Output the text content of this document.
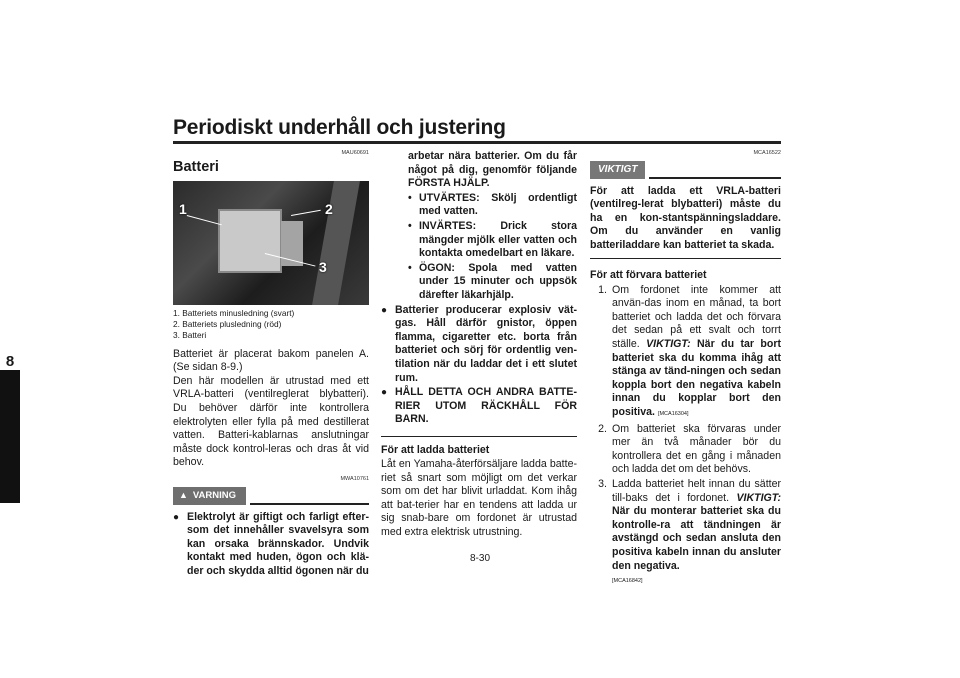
Periodiskt underhåll och justering
8
MAU60691
Batteri
1	2
3
1. Batteriets minusledning (svart)
2. Batteriets plusledning (röd)
3. Batteri

Batteriet är placerat bakom panelen A. (Se sidan 8-9.)
Den här modellen är utrustad med ett VRLA-batteri (ventilreglerat blybatteri). Du behöver därför inte kontrollera elektrolyten eller fylla på med destillerat vatten. Batteri-kablarnas anslutningar måste dock kontrol-leras och dras åt vid behov.

MWA10761
▲ VARNING
● Elektrolyt är giftigt och farligt efter-som det innehåller svavelsyra som kan orsaka brännskador. Undvik kontakt med huden, ögon och klä-der och skydda alltid ögonen när du

arbetar nära batterier. Om du får något på dig, genomför följande FÖRSTA HJÄLP.

• UTVÄRTES: Skölj ordentligt med vatten.
• INVÄRTES: Drick stora mängder mjölk eller vatten och kontakta omedelbart en läkare.
• ÖGON: Spola med vatten under 15 minuter och uppsök därefter läkarhjälp.
● Batterier producerar explosiv vät-gas. Håll därför gnistor, öppen flamma, cigaretter etc. borta från batteriet och sörj för ordentlig ven-tilation när du laddar det i ett slutet rum.
● HÅLL DETTA OCH ANDRA BATTE-RIER UTOM RÄCKHÅLL FÖR BARN.
För att ladda batteriet

Låt en Yamaha-återförsäljare ladda batte-riet så snart som möjligt om det verkar som om det har blivit urladdat. Kom ihåg att bat-terier har en tendens att ladda ur sig snab-bare om fordonet är utrustad med extra elektrisk utrustning.

MCA16522
VIKTIGT

För att ladda ett VRLA-batteri (ventilreg-lerat blybatteri) måste du ha en kon-stantspänningsladdare. Om du använder en vanlig batteriladdare kan batteriet ta skada.

För att förvara batteriet
1. Om fordonet inte kommer att använ-das inom en månad, ta bort batteriet och ladda det och förvara det sedan på ett svalt och torrt ställe. VIKTIGT: När du tar bort batteriet ska du komma ihåg att stänga av tänd-ningen och sedan koppla bort den negativa kabeln innan du kopplar bort den positiva. [MCA16304]
2. Om batteriet ska förvaras under mer än två månader bör du kontrollera det en gång i månaden och ladda det om det behövs.
3. Ladda batteriet helt innan du sätter till-baks det i fordonet. VIKTIGT: När du monterar batteriet ska du kontrolle-ra att tändningen är avstängd och sedan ansluta den positiva kabeln innan du ansluter den negativa.
[MCA16842]
8-30
